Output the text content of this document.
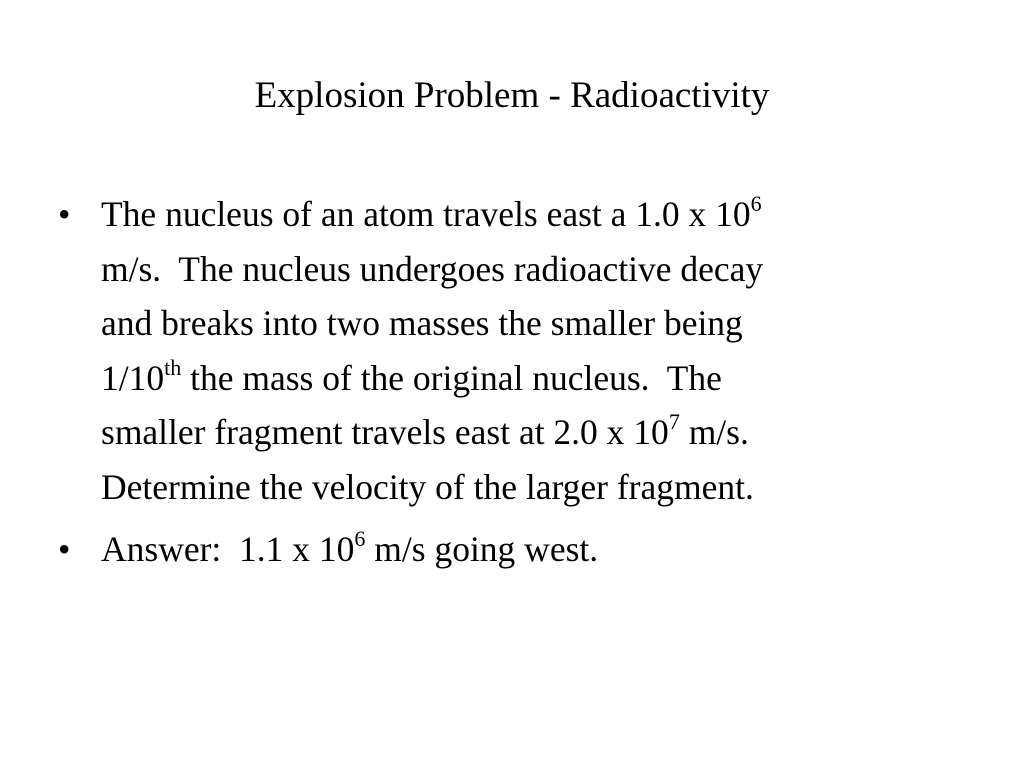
Explosion Problem - Radioactivity
• The nucleus of an atom travels east a 1.0 x $10^6$
m/s.  The nucleus undergoes radioactive decay
and breaks into two masses the smaller being
1/10th the mass of the original nucleus.  The
smaller fragment travels east at 2.0 x $10^7$ m/s.
Determine the velocity of the larger fragment.
• Answer:  1.1 x $10^6$ m/s going west.
